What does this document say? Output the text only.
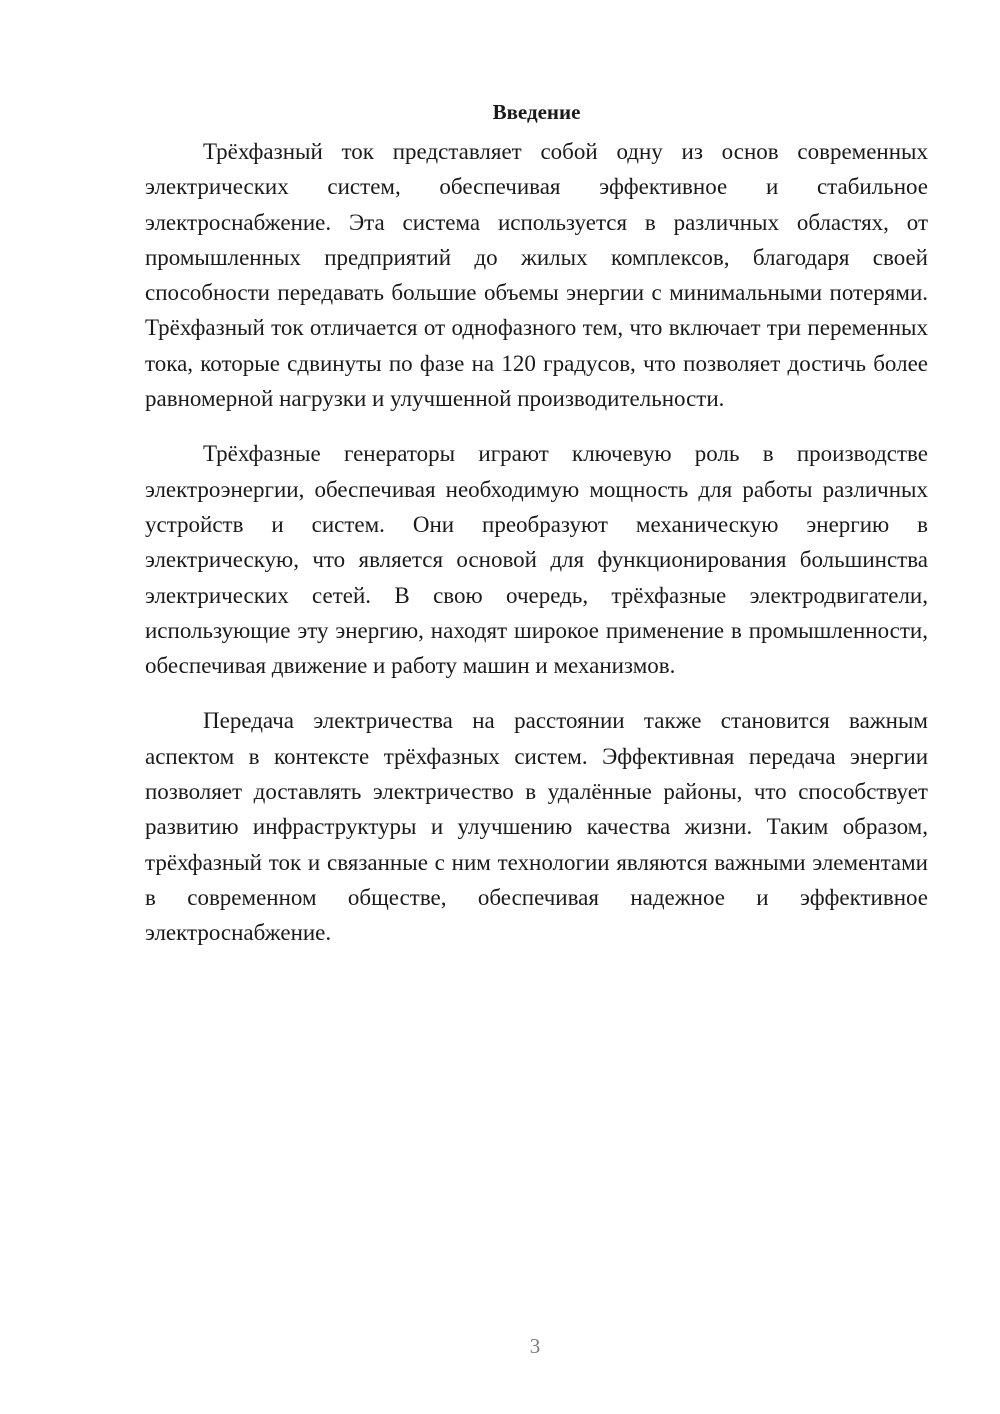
Введение

Трёхфазный ток представляет собой одну из основ современных электрических систем, обеспечивая эффективное и стабильное электроснабжение. Эта система используется в различных областях, от промышленных предприятий до жилых комплексов, благодаря своей способности передавать большие объемы энергии с минимальными потерями. Трёхфазный ток отличается от однофазного тем, что включает три переменных тока, которые сдвинуты по фазе на 120 градусов, что позволяет достичь более равномерной нагрузки и улучшенной производительности.

Трёхфазные генераторы играют ключевую роль в производстве электроэнергии, обеспечивая необходимую мощность для работы различных устройств и систем. Они преобразуют механическую энергию в электрическую, что является основой для функционирования большинства электрических сетей. В свою очередь, трёхфазные электродвигатели, использующие эту энергию, находят широкое применение в промышленности, обеспечивая движение и работу машин и механизмов.

Передача электричества на расстоянии также становится важным аспектом в контексте трёхфазных систем. Эффективная передача энергии позволяет доставлять электричество в удалённые районы, что способствует развитию инфраструктуры и улучшению качества жизни. Таким образом, трёхфазный ток и связанные с ним технологии являются важными элементами в современном обществе, обеспечивая надежное и эффективное электроснабжение.

3
